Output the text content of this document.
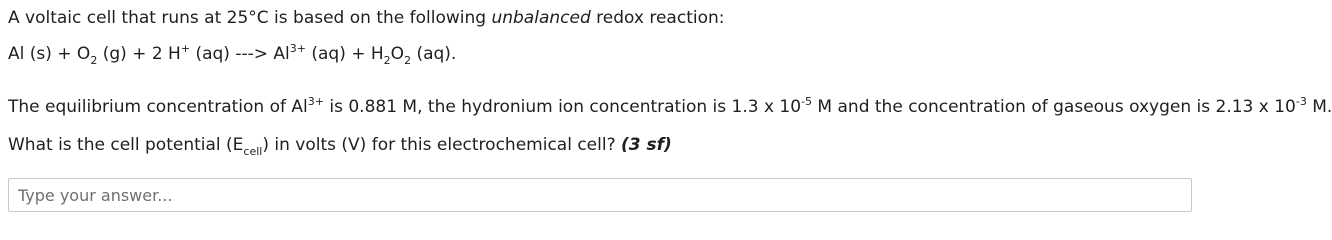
A voltaic cell that runs at 25°C is based on the following unbalanced redox reaction:
Al $(s) + O_2$ (g) + 2 H+ (aq) ---> $Al^{3+}$ $(aq) + H_2O_2$ (aq).
The equilibrium concentration of $Al^{3+}$ is 0.881 M, the hydronium ion concentration is 1.3 x $10^{-5}$ M and the concentration of gaseous oxygen is 2.13 x $10^{-3}$ M.
What is the cell potential $(E_{cell})$ in volts (V) for this electrochemical cell? (3 sf)
Type your answer...
